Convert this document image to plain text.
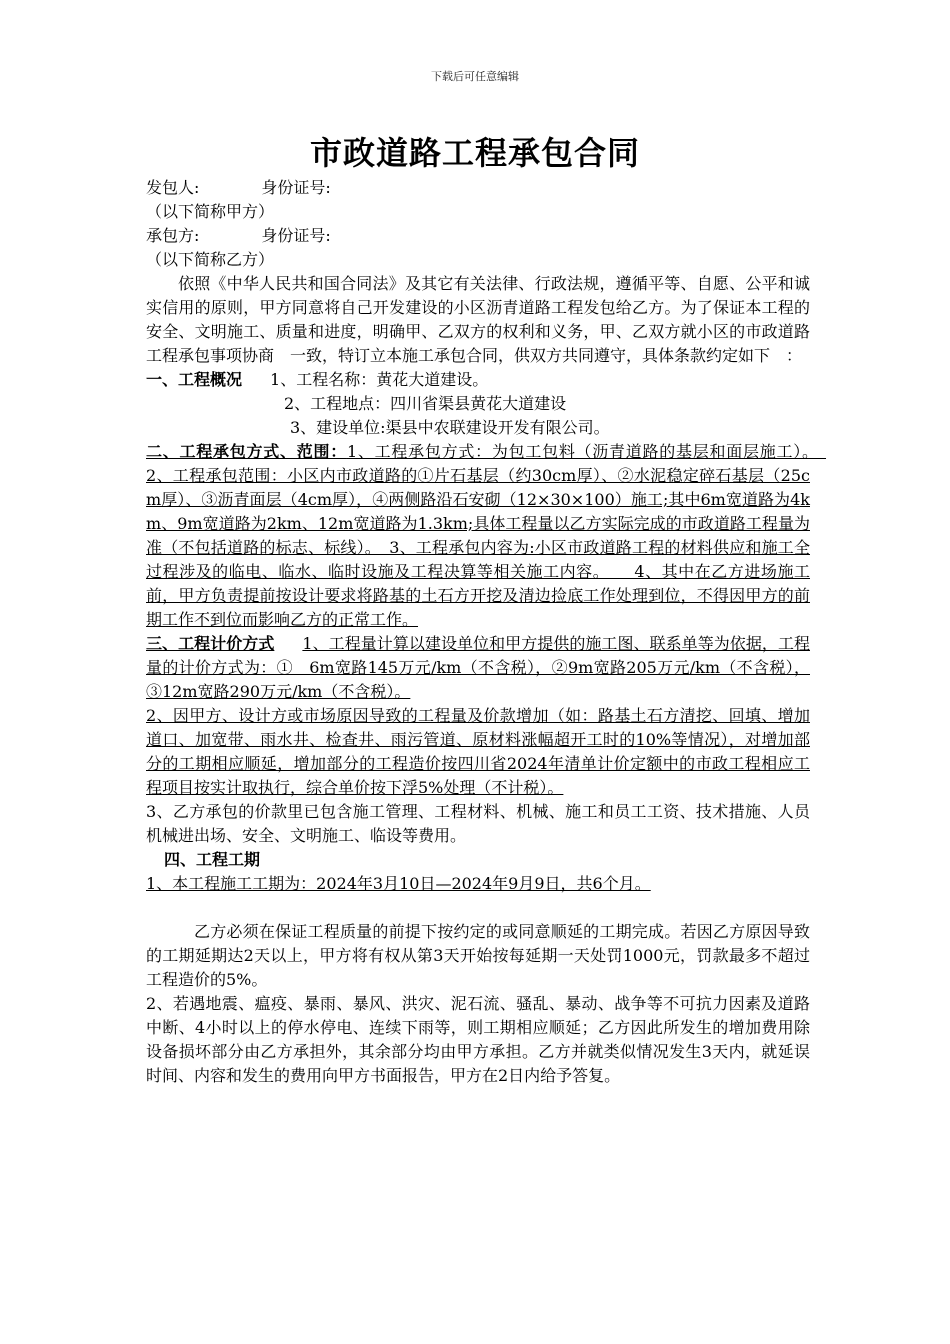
下载后可任意编辑
市政道路工程承包合同

发包人:	身份证号:

（以下简称甲方）

承包方:	身份证号:

（以下简称乙方）

依照《中华人民共和国合同法》及其它有关法律、行政法规，遵循平等、自愿、公平和诚实信用的原则，甲方同意将自己开发建设的小区沥青道路工程发包给乙方。为了保证本工程的安全、文明施工、质量和进度，明确甲、乙双方的权利和义务，甲、乙双方就小区的市政道路工程承包事项协商　一致，特订立本施工承包合同，供双方共同遵守，具体条款约定如下　：

一、工程概况 1、工程名称：黄花大道建设。

2、工程地点：四川省渠县黄花大道建设

3、建设单位:渠县中农联建设开发有限公司。

二、工程承包方式、范围：1、工程承包方式：为包工包料（沥青道路的基层和面层施工）。　2、工程承包范围：小区内市政道路的①片石基层（约30cm厚）、②水泥稳定碎石基层（25cm厚）、③沥青面层（4cm厚），④两侧路沿石安砌（12×30×100）施工;其中6m宽道路为4km、9m宽道路为2km、12m宽道路为1.3km;具体工程量以乙方实际完成的市政道路工程量为准（不包括道路的标志、标线）。　3、工程承包内容为:小区市政道路工程的材料供应和施工全过程涉及的临电、临水、临时设施及工程决算等相关施工内容。　　4、其中在乙方进场施工前，甲方负责提前按设计要求将路基的土石方开挖及清边捡底工作处理到位，不得因甲方的前期工作不到位而影响乙方的正常工作。

三、工程计价方式 1、工程量计算以建设单位和甲方提供的施工图、联系单等为依据，工程量的计价方式为：①　6m宽路145万元/km（不含税），②9m宽路205万元/km（不含税），③12m宽路290万元/km（不含税）。

2、因甲方、设计方或市场原因导致的工程量及价款增加（如：路基土石方清挖、回填、增加道口、加宽带、雨水井、检查井、雨污管道、原材料涨幅超开工时的10%等情况），对增加部分的工期相应顺延，增加部分的工程造价按四川省2024年清单计价定额中的市政工程相应工程项目按实计取执行，综合单价按下浮5%处理（不计税）。

3、乙方承包的价款里已包含施工管理、工程材料、机械、施工和员工工资、技术措施、人员机械进出场、安全、文明施工、临设等费用。

四、工程工期

1、本工程施工工期为：2024年3月10日—2024年9月9日，共6个月。

乙方必须在保证工程质量的前提下按约定的或同意顺延的工期完成。若因乙方原因导致的工期延期达2天以上，甲方将有权从第3天开始按每延期一天处罚1000元，罚款最多不超过工程造价的5%。

2、若遇地震、瘟疫、暴雨、暴风、洪灾、泥石流、骚乱、暴动、战争等不可抗力因素及道路中断、4小时以上的停水停电、连续下雨等，则工期相应顺延；乙方因此所发生的增加费用除设备损坏部分由乙方承担外，其余部分均由甲方承担。乙方并就类似情况发生3天内，就延误时间、内容和发生的费用向甲方书面报告，甲方在2日内给予答复。
